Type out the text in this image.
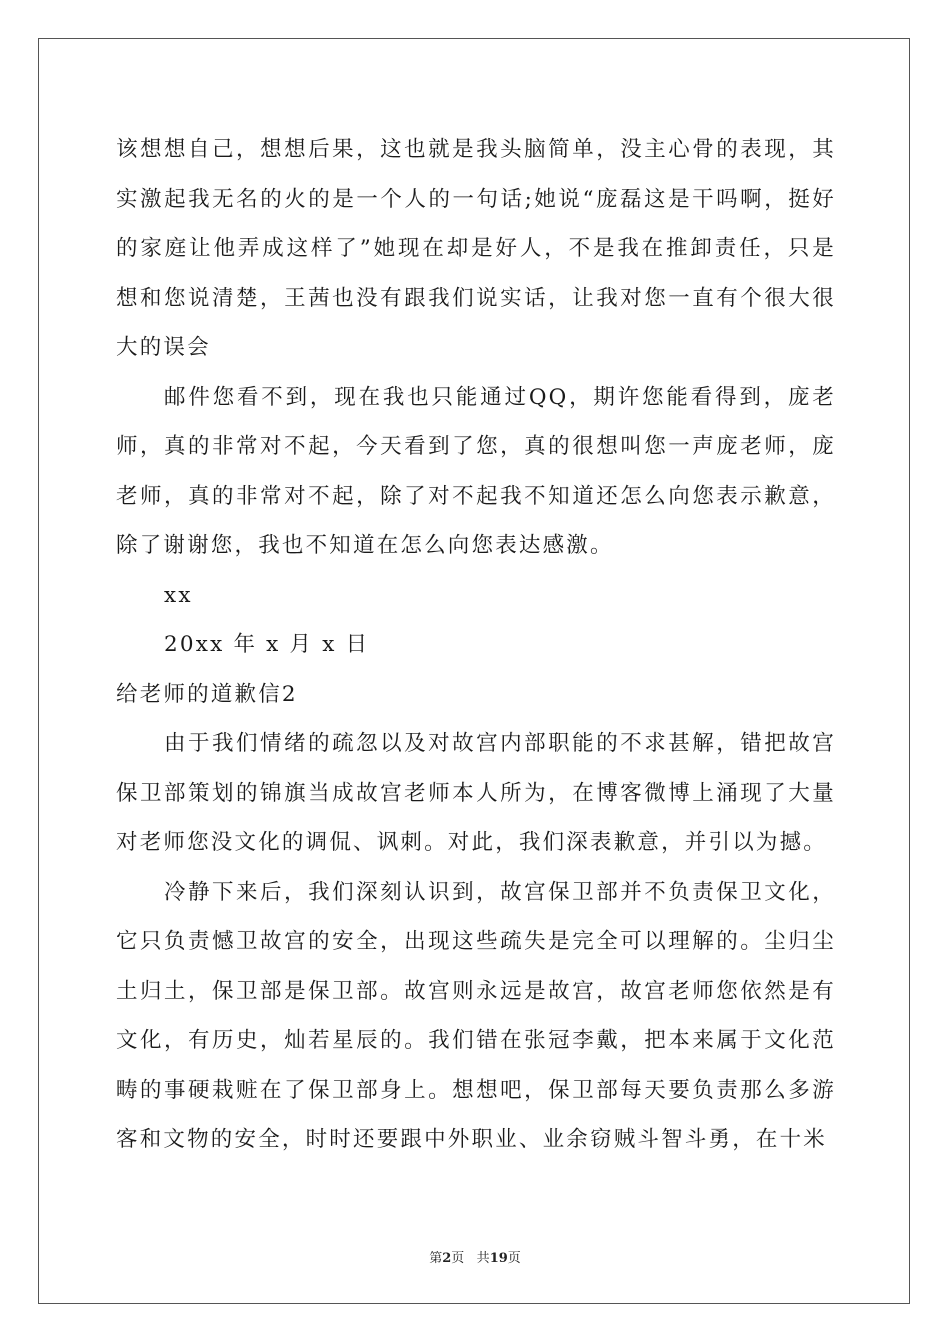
该想想自己，想想后果，这也就是我头脑简单，没主心骨的表现，其实激起我无名的火的是一个人的一句话;她说“庞磊这是干吗啊，挺好的家庭让他弄成这样了”她现在却是好人，不是我在推卸责任，只是想和您说清楚，王茜也没有跟我们说实话，让我对您一直有个很大很大的误会

邮件您看不到，现在我也只能通过QQ，期许您能看得到，庞老师，真的非常对不起，今天看到了您，真的很想叫您一声庞老师，庞老师，真的非常对不起，除了对不起我不知道还怎么向您表示歉意，除了谢谢您，我也不知道在怎么向您表达感激。

xx

20xx 年 x 月 x 日

给老师的道歉信2

由于我们情绪的疏忽以及对故宫内部职能的不求甚解，错把故宫保卫部策划的锦旗当成故宫老师本人所为，在博客微博上涌现了大量对老师您没文化的调侃、讽刺。对此，我们深表歉意，并引以为撼。

冷静下来后，我们深刻认识到，故宫保卫部并不负责保卫文化，它只负责憾卫故宫的安全，出现这些疏失是完全可以理解的。尘归尘土归土，保卫部是保卫部。故宫则永远是故宫，故宫老师您依然是有文化，有历史，灿若星辰的。我们错在张冠李戴，把本来属于文化范畴的事硬栽赃在了保卫部身上。想想吧，保卫部每天要负责那么多游客和文物的安全，时时还要跟中外职业、业余窃贼斗智斗勇，在十米

第2页 共19页
